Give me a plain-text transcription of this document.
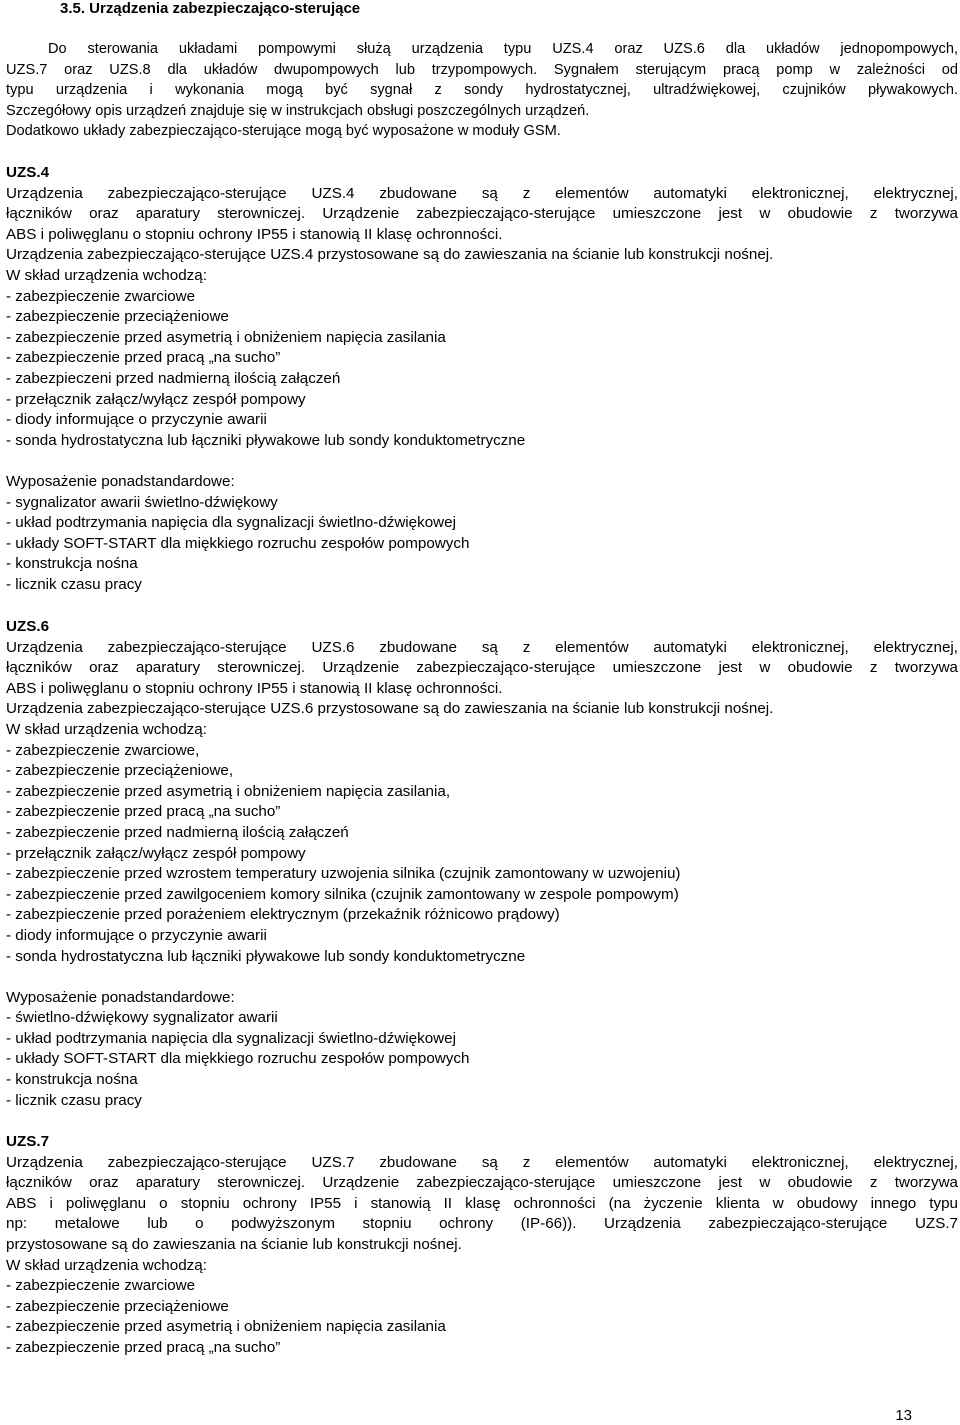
3.5. Urządzenia zabezpieczająco-sterujące
Do sterowania układami pompowymi służą urządzenia typu UZS.4 oraz UZS.6 dla układów jednopompowych,
UZS.7 oraz UZS.8 dla układów dwupompowych lub trzypompowych. Sygnałem sterującym pracą pomp w zależności od
typu urządzenia i wykonania mogą być sygnał z sondy hydrostatycznej, ultradźwiękowej, czujników pływakowych.
Szczegółowy opis urządzeń znajduje się w instrukcjach obsługi poszczególnych urządzeń.
Dodatkowo układy zabezpieczająco-sterujące mogą być wyposażone w moduły GSM.

UZS.4

Urządzenia zabezpieczająco-sterujące UZS.4 zbudowane są z elementów automatyki elektronicznej, elektrycznej,
łączników oraz aparatury sterowniczej. Urządzenie zabezpieczająco-sterujące umieszczone jest w obudowie z tworzywa
ABS i poliwęglanu o stopniu ochrony IP55 i stanowią II klasę ochronności.
Urządzenia zabezpieczająco-sterujące UZS.4 przystosowane są do zawieszania na ścianie lub konstrukcji nośnej.

W skład urządzenia wchodzą:

- zabezpieczenie zwarciowe
- zabezpieczenie przeciążeniowe
- zabezpieczenie przed asymetrią i obniżeniem napięcia zasilania
- zabezpieczenie przed pracą „na sucho”
- zabezpieczeni przed nadmierną ilością załączeń
- przełącznik załącz/wyłącz zespół pompowy
- diody informujące o przyczynie awarii
- sonda hydrostatyczna lub łączniki pływakowe lub sondy konduktometryczne

Wyposażenie ponadstandardowe:

- sygnalizator awarii świetlno-dźwiękowy
- układ podtrzymania napięcia dla sygnalizacji świetlno-dźwiękowej
- układy SOFT-START dla miękkiego rozruchu zespołów pompowych
- konstrukcja nośna
- licznik czasu pracy

UZS.6

Urządzenia zabezpieczająco-sterujące UZS.6 zbudowane są z elementów automatyki elektronicznej, elektrycznej,
łączników oraz aparatury sterowniczej. Urządzenie zabezpieczająco-sterujące umieszczone jest w obudowie z tworzywa
ABS i poliwęglanu o stopniu ochrony IP55 i stanowią II klasę ochronności.
Urządzenia zabezpieczająco-sterujące UZS.6 przystosowane są do zawieszania na ścianie lub konstrukcji nośnej.

W skład urządzenia wchodzą:

- zabezpieczenie zwarciowe,
- zabezpieczenie przeciążeniowe,
- zabezpieczenie przed asymetrią i obniżeniem napięcia zasilania,
- zabezpieczenie przed pracą „na sucho”
- zabezpieczenie przed nadmierną ilością załączeń
- przełącznik załącz/wyłącz zespół pompowy
- zabezpieczenie przed wzrostem temperatury uzwojenia silnika (czujnik zamontowany w uzwojeniu)
- zabezpieczenie przed zawilgoceniem komory silnika (czujnik zamontowany w zespole pompowym)
- zabezpieczenie przed porażeniem elektrycznym (przekaźnik różnicowo prądowy)
- diody informujące o przyczynie awarii
- sonda hydrostatyczna lub łączniki pływakowe lub sondy konduktometryczne

Wyposażenie ponadstandardowe:

- świetlno-dźwiękowy sygnalizator awarii
- układ podtrzymania napięcia dla sygnalizacji świetlno-dźwiękowej
- układy SOFT-START dla miękkiego rozruchu zespołów pompowych
- konstrukcja nośna
- licznik czasu pracy

UZS.7

Urządzenia zabezpieczająco-sterujące UZS.7 zbudowane są z elementów automatyki elektronicznej, elektrycznej,
łączników oraz aparatury sterowniczej. Urządzenie zabezpieczająco-sterujące umieszczone jest w obudowie z tworzywa
ABS i poliwęglanu o stopniu ochrony IP55 i stanowią II klasę ochronności (na życzenie klienta w obudowy innego typu
np: metalowe lub o podwyższonym stopniu ochrony (IP-66)). Urządzenia zabezpieczająco-sterujące UZS.7
przystosowane są do zawieszania na ścianie lub konstrukcji nośnej.

W skład urządzenia wchodzą:

- zabezpieczenie zwarciowe
- zabezpieczenie przeciążeniowe
- zabezpieczenie przed asymetrią i obniżeniem napięcia zasilania
- zabezpieczenie przed pracą „na sucho”
13
